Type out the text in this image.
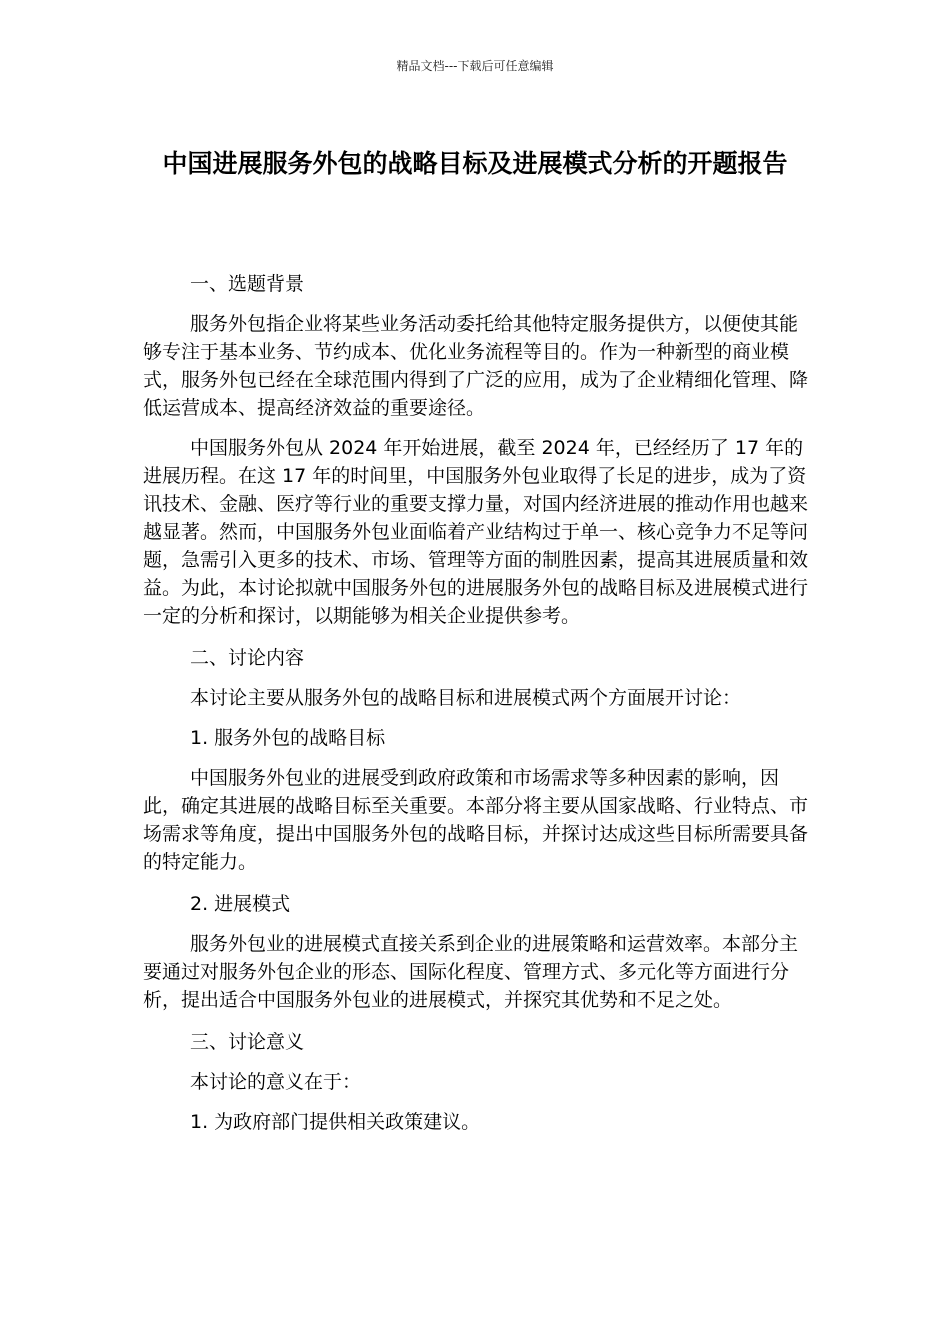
精品文档---下载后可任意编辑
中国进展服务外包的战略目标及进展模式分析的开题报告

一、选题背景

服务外包指企业将某些业务活动委托给其他特定服务提供方，以便使其能够专注于基本业务、节约成本、优化业务流程等目的。作为一种新型的商业模式，服务外包已经在全球范围内得到了广泛的应用，成为了企业精细化管理、降低运营成本、提高经济效益的重要途径。

中国服务外包从 2024 年开始进展，截至 2024 年，已经经历了 17 年的进展历程。在这 17 年的时间里，中国服务外包业取得了长足的进步，成为了资讯技术、金融、医疗等行业的重要支撑力量，对国内经济进展的推动作用也越来越显著。然而，中国服务外包业面临着产业结构过于单一、核心竞争力不足等问题，急需引入更多的技术、市场、管理等方面的制胜因素，提高其进展质量和效益。为此，本讨论拟就中国服务外包的进展服务外包的战略目标及进展模式进行一定的分析和探讨，以期能够为相关企业提供参考。

二、讨论内容

本讨论主要从服务外包的战略目标和进展模式两个方面展开讨论：

1. 服务外包的战略目标

中国服务外包业的进展受到政府政策和市场需求等多种因素的影响，因此，确定其进展的战略目标至关重要。本部分将主要从国家战略、行业特点、市场需求等角度，提出中国服务外包的战略目标，并探讨达成这些目标所需要具备的特定能力。

2. 进展模式

服务外包业的进展模式直接关系到企业的进展策略和运营效率。本部分主要通过对服务外包企业的形态、国际化程度、管理方式、多元化等方面进行分析，提出适合中国服务外包业的进展模式，并探究其优势和不足之处。

三、讨论意义

本讨论的意义在于：

1. 为政府部门提供相关政策建议。
